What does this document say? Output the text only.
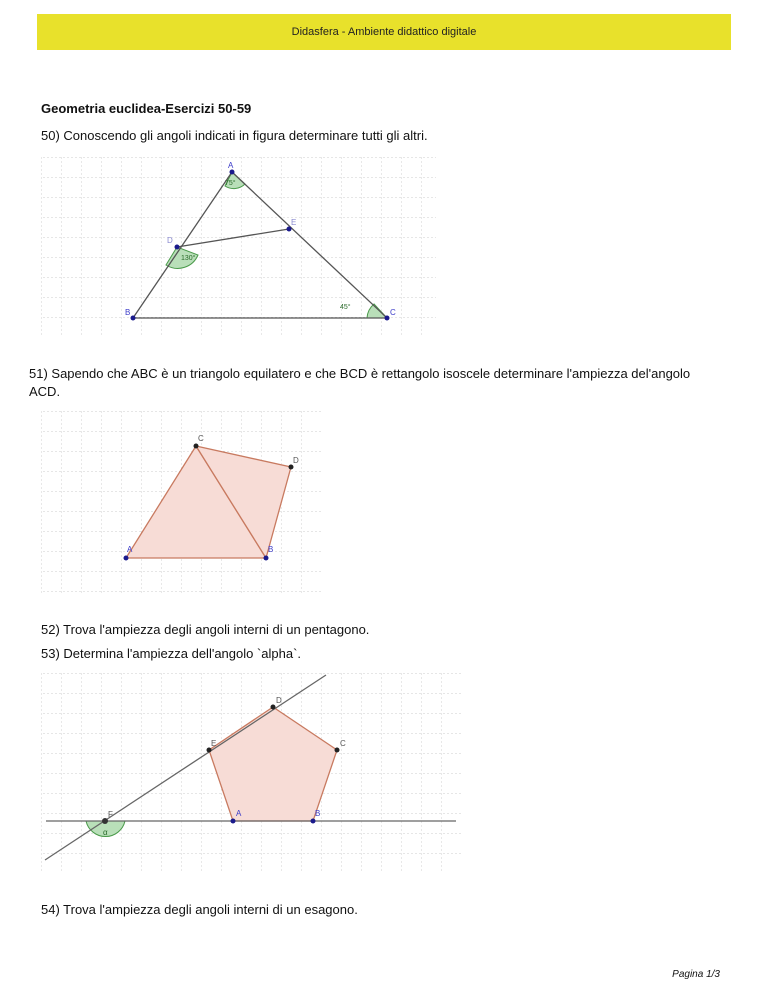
Didasfera - Ambiente didattico digitale
Geometria euclidea-Esercizi 50-59
50) Conoscendo gli angoli indicati in figura determinare tutti gli altri.
A
B	C
D
E
75°
130°
45°
51) Sapendo che ABC è un triangolo equilatero e che BCD è rettangolo isoscele determinare l'ampiezza del'angolo ACD.
A	B
C
D
52) Trova l'ampiezza degli angoli interni di un pentagono.
53) Determina l'ampiezza dell'angolo `alpha`.
A	B
C
D
E
F
α
54) Trova l'ampiezza degli angoli interni di un esagono.
Pagina 1/3
